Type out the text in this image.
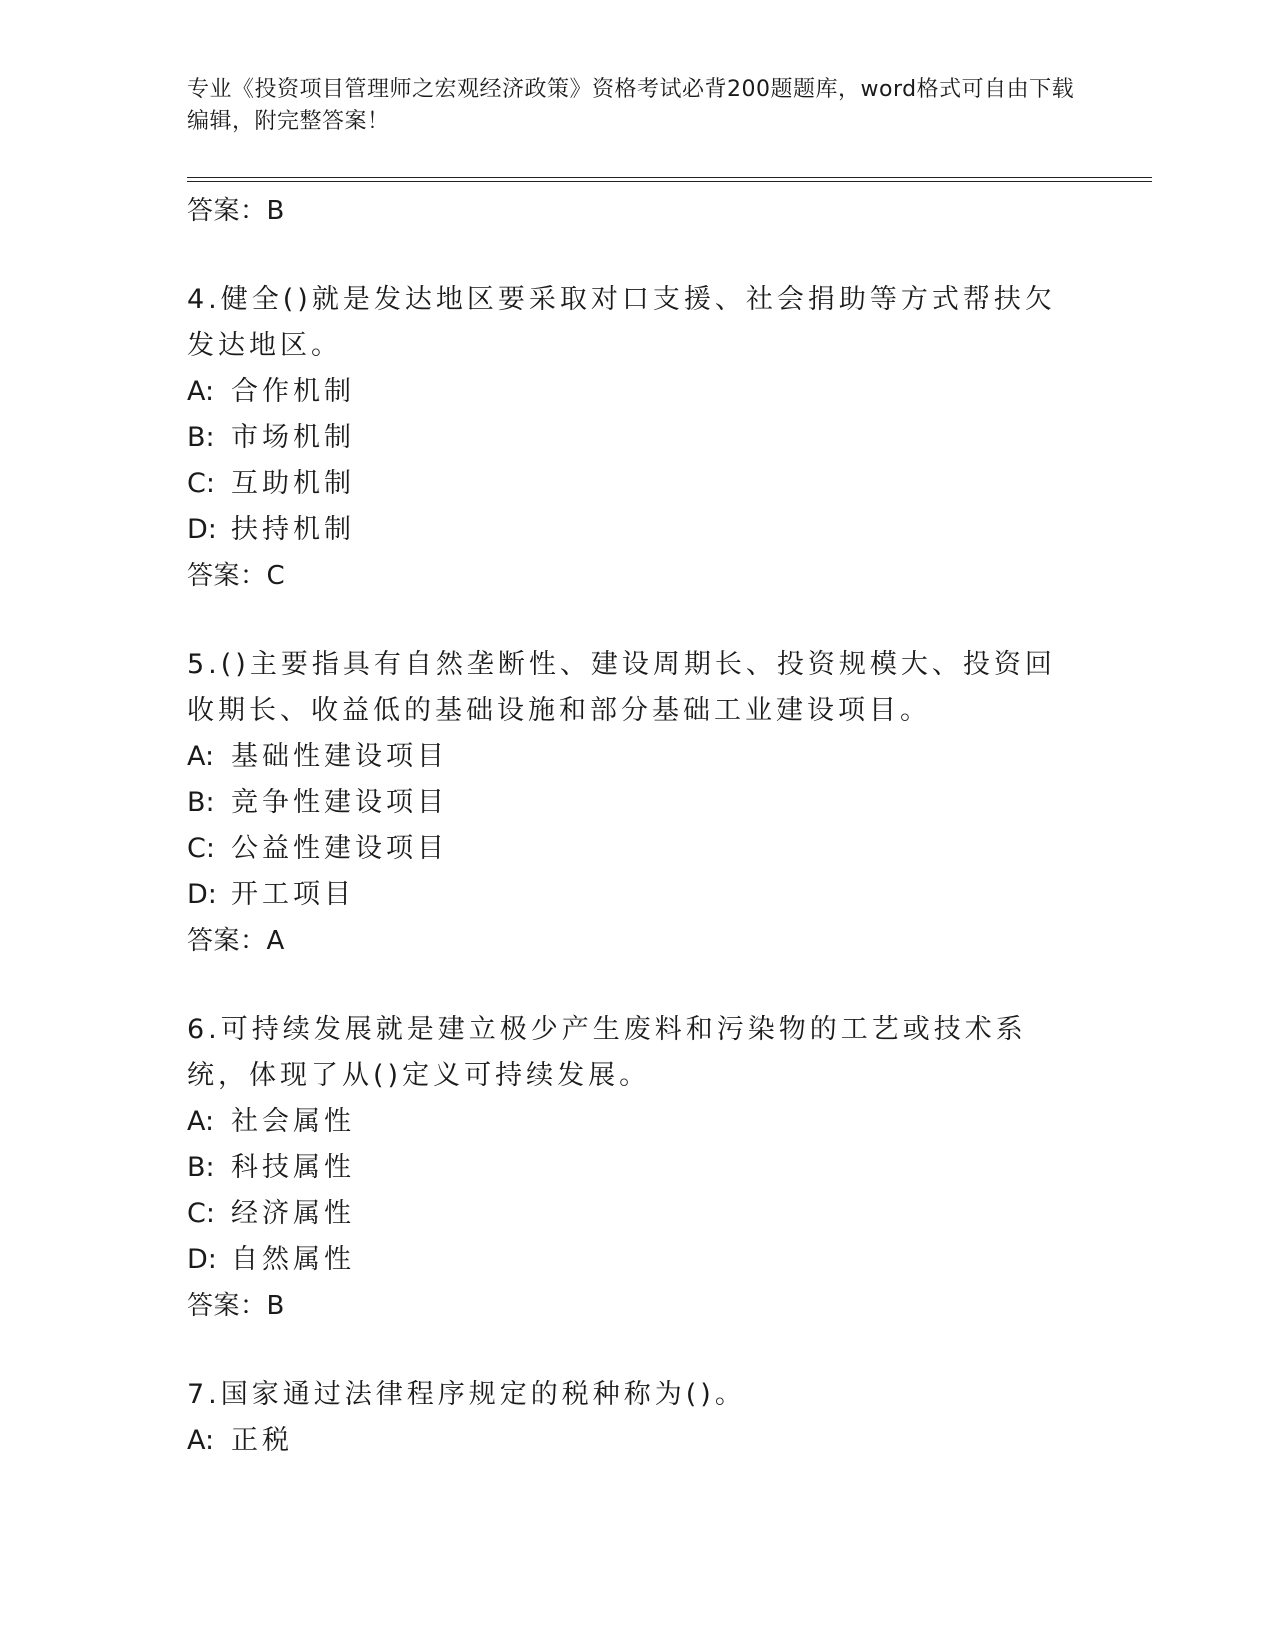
专业《投资项目管理师之宏观经济政策》资格考试必背200题题库，word格式可自由下载编辑，附完整答案！
答案：B

4.健全()就是发达地区要采取对口支援、社会捐助等方式帮扶欠发达地区。

A: 合作机制
B: 市场机制
C: 互助机制
D: 扶持机制
答案：C

5.()主要指具有自然垄断性、建设周期长、投资规模大、投资回收期长、收益低的基础设施和部分基础工业建设项目。

A: 基础性建设项目
B: 竞争性建设项目
C: 公益性建设项目
D: 开工项目
答案：A

6.可持续发展就是建立极少产生废料和污染物的工艺或技术系统，体现了从()定义可持续发展。

A: 社会属性
B: 科技属性
C: 经济属性
D: 自然属性
答案：B

7.国家通过法律程序规定的税种称为()。

A: 正税
